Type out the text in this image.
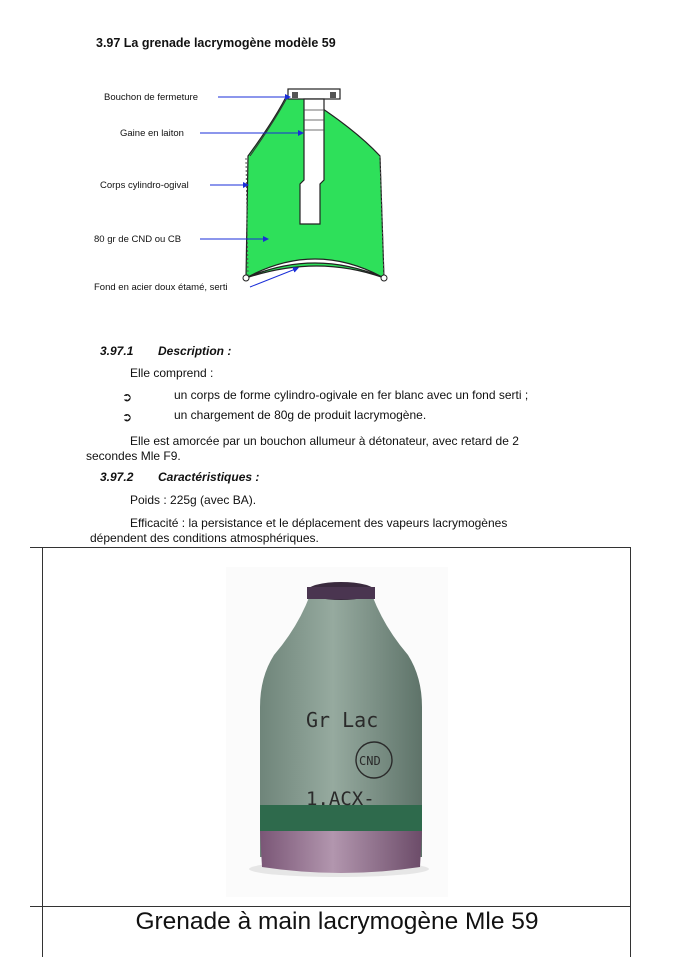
3.97 La grenade lacrymogène modèle 59
Bouchon de fermeture
Gaine en laiton
Corps cylindro-ogival
80 gr de CND ou CB
Fond en acier doux étamé, serti
3.97.1 Description :
Elle comprend :
➲	un corps de forme cylindro-ogivale en fer blanc avec un fond serti ;
➲	un chargement de 80g de produit lacrymogène.
Elle est amorcée par un bouchon allumeur à détonateur, avec retard de 2
secondes Mle F9.
3.97.2 Caractéristiques :
Poids : 225g (avec BA).
Efficacité : la persistance et le déplacement des vapeurs lacrymogènes
dépendent des conditions atmosphériques.
Gr Lac
CND
1.ACX-
Grenade à main lacrymogène Mle 59
